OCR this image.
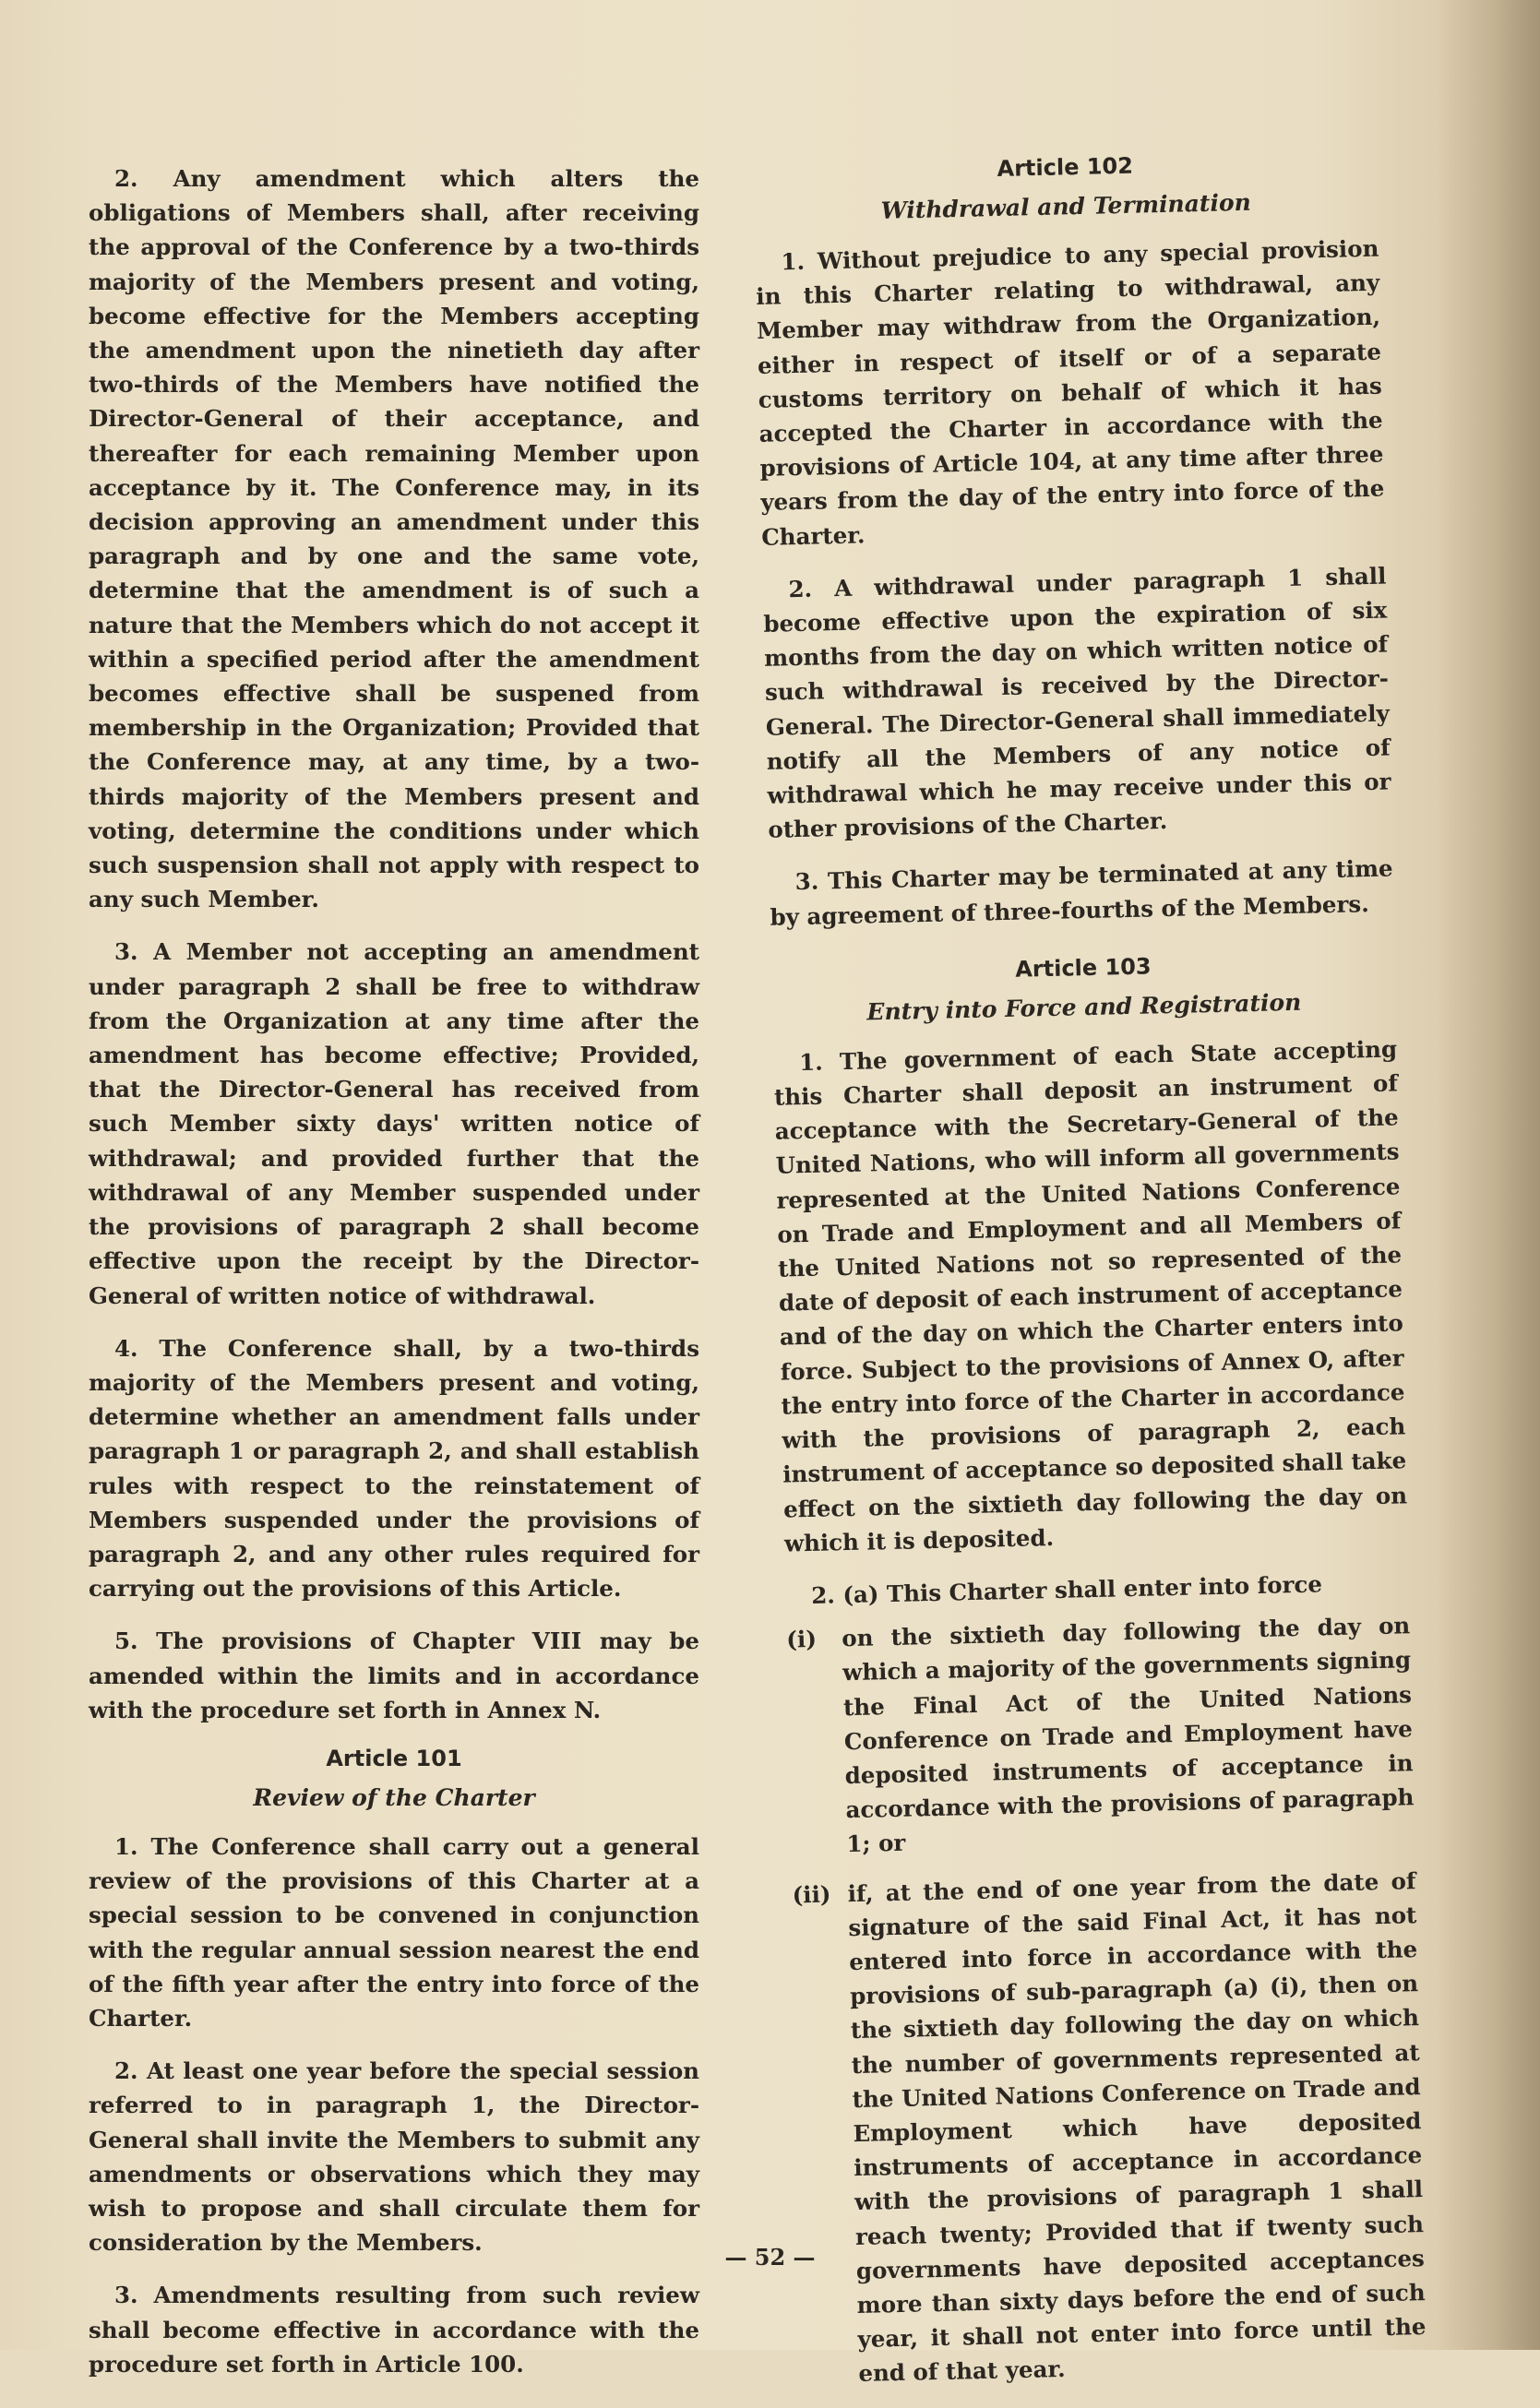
2. Any amendment which alters the obligations of Members shall, after receiving the approval of the Conference by a two-thirds majority of the Members present and voting, become effective for the Members accepting the amendment upon the ninetieth day after two-thirds of the Members have notified the Director-General of their acceptance, and thereafter for each remaining Member upon acceptance by it. The Conference may, in its decision approving an amendment under this paragraph and by one and the same vote, determine that the amendment is of such a nature that the Members which do not accept it within a specified period after the amendment becomes effective shall be suspened from membership in the Organization; Provided that the Conference may, at any time, by a two-thirds majority of the Members present and voting, determine the conditions under which such suspension shall not apply with respect to any such Member.

3. A Member not accepting an amendment under paragraph 2 shall be free to withdraw from the Organization at any time after the amendment has become effective; Provided, that the Director-General has received from such Member sixty days' written notice of withdrawal; and provided further that the withdrawal of any Member suspended under the provisions of paragraph 2 shall become effective upon the receipt by the Director-General of written notice of withdrawal.

4. The Conference shall, by a two-thirds majority of the Members present and voting, determine whether an amendment falls under paragraph 1 or paragraph 2, and shall establish rules with respect to the reinstatement of Members suspended under the provisions of paragraph 2, and any other rules required for carrying out the provisions of this Article.

5. The provisions of Chapter VIII may be amended within the limits and in accordance with the procedure set forth in Annex N.

Article 101
Review of the Charter

1. The Conference shall carry out a general review of the provisions of this Charter at a special session to be convened in conjunction with the regular annual session nearest the end of the fifth year after the entry into force of the Charter.

2. At least one year before the special session referred to in paragraph 1, the Director-General shall invite the Members to submit any amendments or observations which they may wish to propose and shall circulate them for consideration by the Members.

3. Amendments resulting from such review shall become effective in accordance with the procedure set forth in Article 100.

Article 102
Withdrawal and Termination

1. Without prejudice to any special provision in this Charter relating to withdrawal, any Member may withdraw from the Organization, either in respect of itself or of a separate customs territory on behalf of which it has accepted the Charter in accordance with the provisions of Article 104, at any time after three years from the day of the entry into force of the Charter.

2. A withdrawal under paragraph 1 shall become effective upon the expiration of six months from the day on which written notice of such withdrawal is received by the Director-General. The Director-General shall immediately notify all the Members of any notice of withdrawal which he may receive under this or other provisions of the Charter.

3. This Charter may be terminated at any time by agreement of three-fourths of the Members.

Article 103
Entry into Force and Registration

1. The government of each State accepting this Charter shall deposit an instrument of acceptance with the Secretary-General of the United Nations, who will inform all governments represented at the United Nations Conference on Trade and Employment and all Members of the United Nations not so represented of the date of deposit of each instrument of acceptance and of the day on which the Charter enters into force. Subject to the provisions of Annex O, after the entry into force of the Charter in accordance with the provisions of paragraph 2, each instrument of acceptance so deposited shall take effect on the sixtieth day following the day on which it is deposited.

2. (a) This Charter shall enter into force

(i)	on the sixtieth day following the day on which a majority of the governments signing the Final Act of the United Nations Conference on Trade and Employment have deposited instruments of acceptance in accordance with the provisions of paragraph 1; or

(ii) if, at the end of one year from the date of signature of the said Final Act, it has not entered into force in accordance with the provisions of sub-paragraph (a) (i), then on the sixtieth day following the day on which the number of governments represented at the United Nations Conference on Trade and Employment which have deposited instruments of acceptance in accordance with the provisions of paragraph 1 shall reach twenty; Provided that if twenty such governments have deposited acceptances more than sixty days before the end of such year, it shall not enter into force until the end of that year.

— 52 —
